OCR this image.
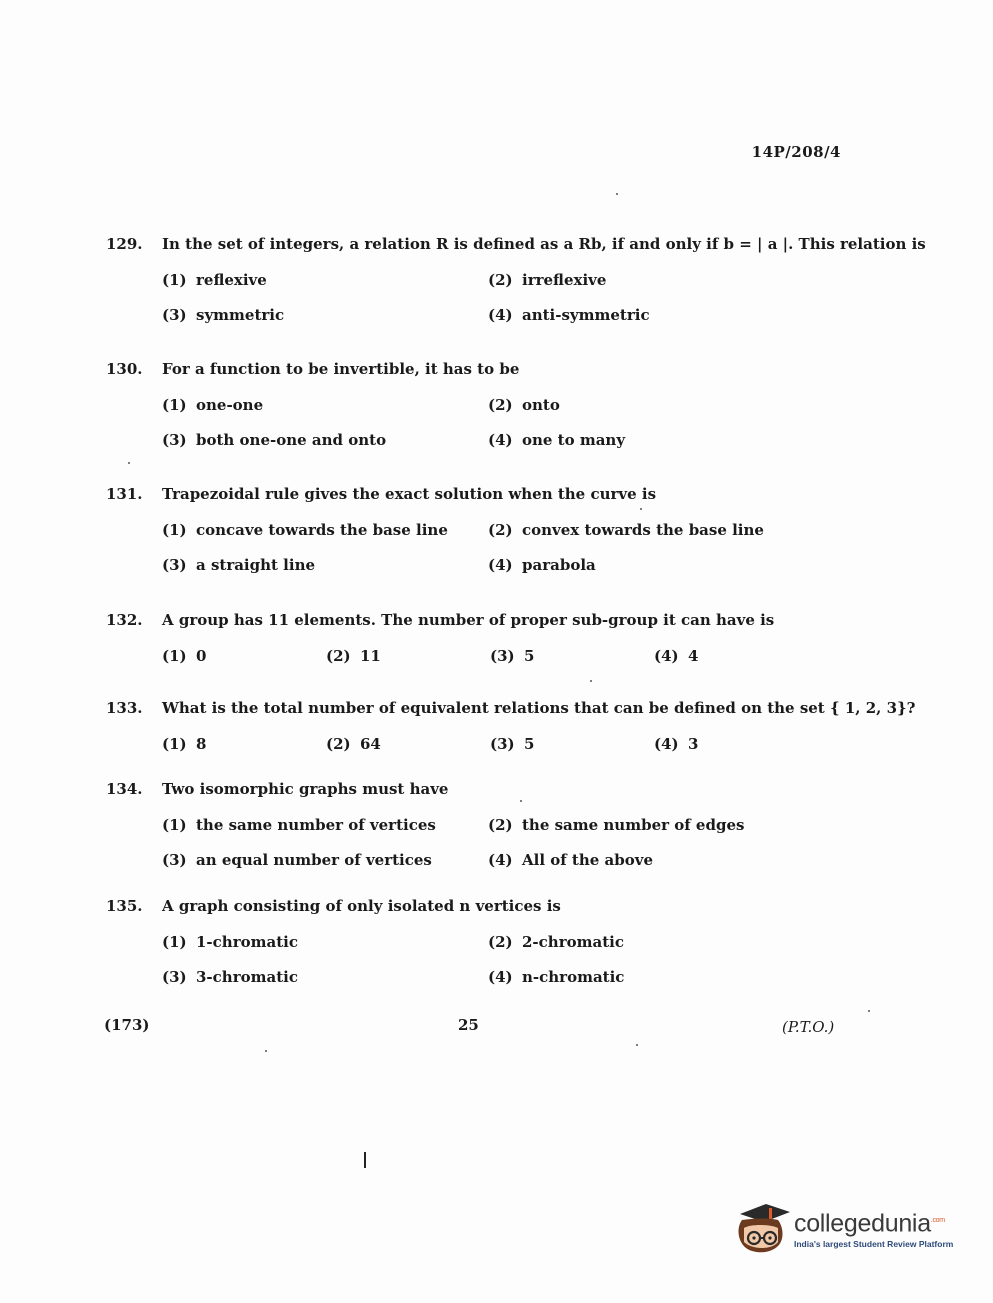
14P/208/4
129.	In the set of integers, a relation R is defined as a Rb, if and only if b = | a |. This relation is
(1) reflexive	(2) irreflexive
(3) symmetric	(4) anti-symmetric
130.	For a function to be invertible, it has to be
(1) one-one	(2) onto
(3) both one-one and onto	(4) one to many
131.	Trapezoidal rule gives the exact solution when the curve is
(1) concave towards the base line	(2) convex towards the base line
(3) a straight line	(4) parabola
132.	A group has 11 elements. The number of proper sub-group it can have is
(1) 0	(2) 11	(3) 5	(4) 4
133.	What is the total number of equivalent relations that can be defined on the set { 1, 2, 3}?
(1) 8	(2) 64	(3) 5	(4) 3
134.	Two isomorphic graphs must have
(1) the same number of vertices	(2) the same number of edges
(3) an equal number of vertices	(4) All of the above
135.	A graph consisting of only isolated n vertices is
(1) 1-chromatic	(2) 2-chromatic
(3) 3-chromatic	(4) n-chromatic
(173)	25	(P.T.O.)
collegedunia$^{.com}$
India's largest Student Review Platform
